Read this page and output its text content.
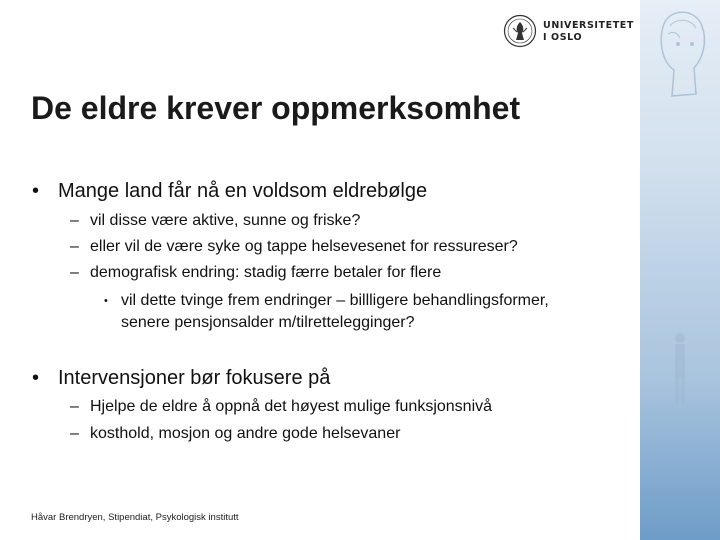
UNIVERSITETET
I OSLO
De eldre krever oppmerksomhet
• Mange land får nå en voldsom eldrebølge
– vil disse være aktive, sunne og friske?
– eller vil de være syke og tappe helsevesenet for ressureser?
– demografisk endring: stadig færre betaler for flere
• vil dette tvinge frem endringer – billligere behandlingsformer,
senere pensjonsalder m/tilrettelegginger?
• Intervensjoner bør fokusere på
– Hjelpe de eldre å oppnå det høyest mulige funksjonsnivå
– kosthold, mosjon og andre gode helsevaner
Håvar Brendryen, Stipendiat, Psykologisk institutt
